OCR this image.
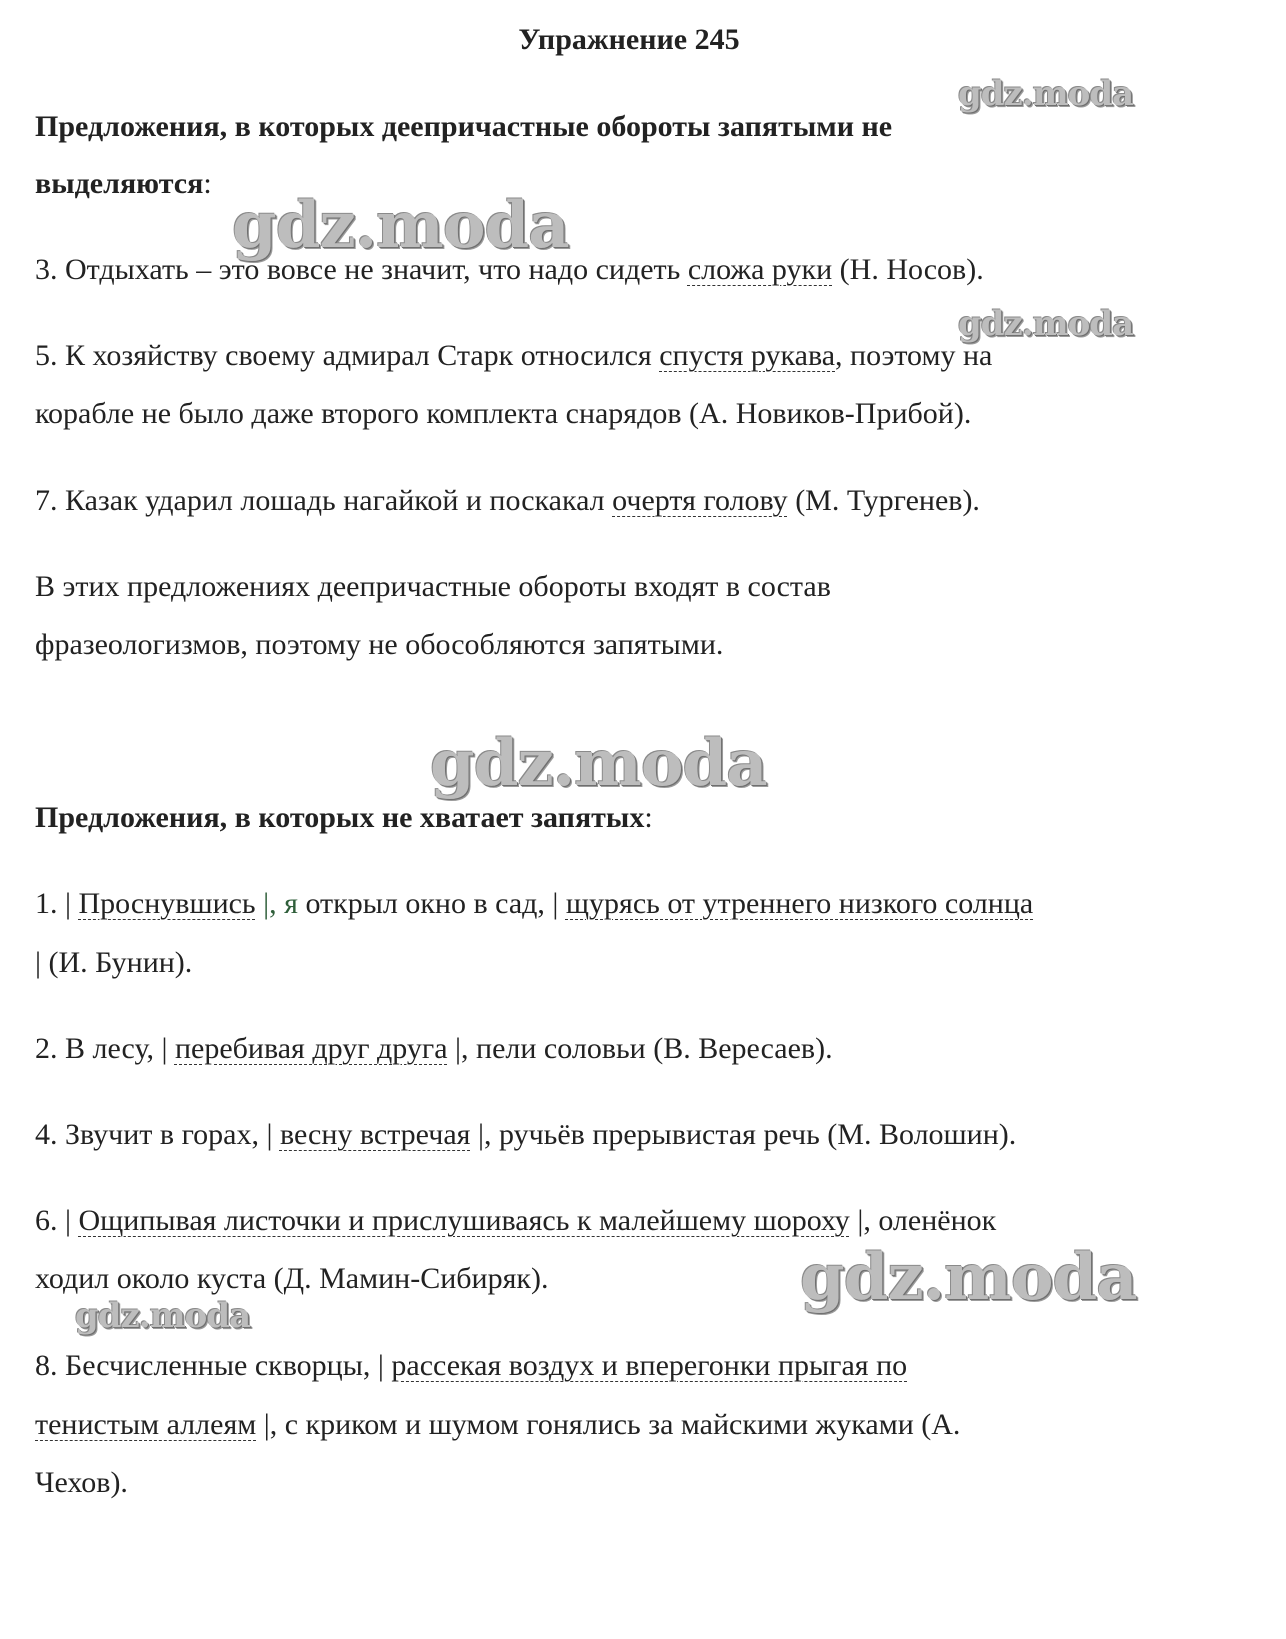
Упражнение 245

Предложения, в которых деепричастные обороты запятыми не

выделяются:

3. Отдыхать – это вовсе не значит, что надо сидеть сложа руки (Н. Носов).

5. К хозяйству своему адмирал Старк относился спустя рукава, поэтому на

корабле не было даже второго комплекта снарядов (А. Новиков-Прибой).

7. Казак ударил лошадь нагайкой и поскакал очертя голову (М. Тургенев).

В этих предложениях деепричастные обороты входят в состав

фразеологизмов, поэтому не обособляются запятыми.

Предложения, в которых не хватает запятых:

1. | Проснувшись |, я открыл окно в сад, | щурясь от утреннего низкого солнца

| (И. Бунин).

2. В лесу, | перебивая друг друга |, пели соловьи (В. Вересаев).

4. Звучит в горах, | весну встречая |, ручьёв прерывистая речь (М. Волошин).

6. | Ощипывая листочки и прислушиваясь к малейшему шороху |, оленёнок

ходил около куста (Д. Мамин-Сибиряк).

8. Бесчисленные скворцы, | рассекая воздух и вперегонки прыгая по

тенистым аллеям |, с криком и шумом гонялись за майскими жуками (А.

Чехов).

gdz.moda

gdz.moda

gdz.moda

gdz.moda

gdz.moda

gdz.moda
